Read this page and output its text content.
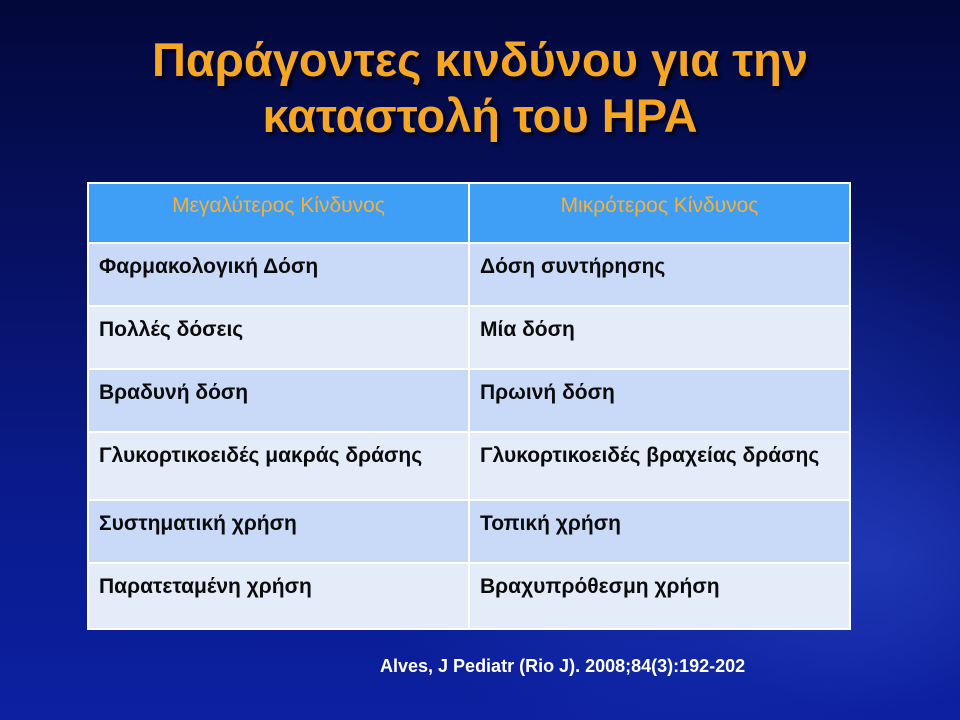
Παράγοντες κινδύνου για την
καταστολή του HPA
Μεγαλύτερος Κίνδυνος	Μικρότερος Κίνδυνος
Φαρμακολογική Δόση	Δόση συντήρησης
Πολλές δόσεις	Μία δόση
Βραδυνή δόση	Πρωινή δόση
Γλυκορτικοειδές μακράς δράσης	Γλυκορτικοειδές βραχείας δράσης
Συστηματική χρήση	Τοπική χρήση
Παρατεταμένη χρήση	Βραχυπρόθεσμη χρήση

Alves, J Pediatr (Rio J). 2008;84(3):192-202
